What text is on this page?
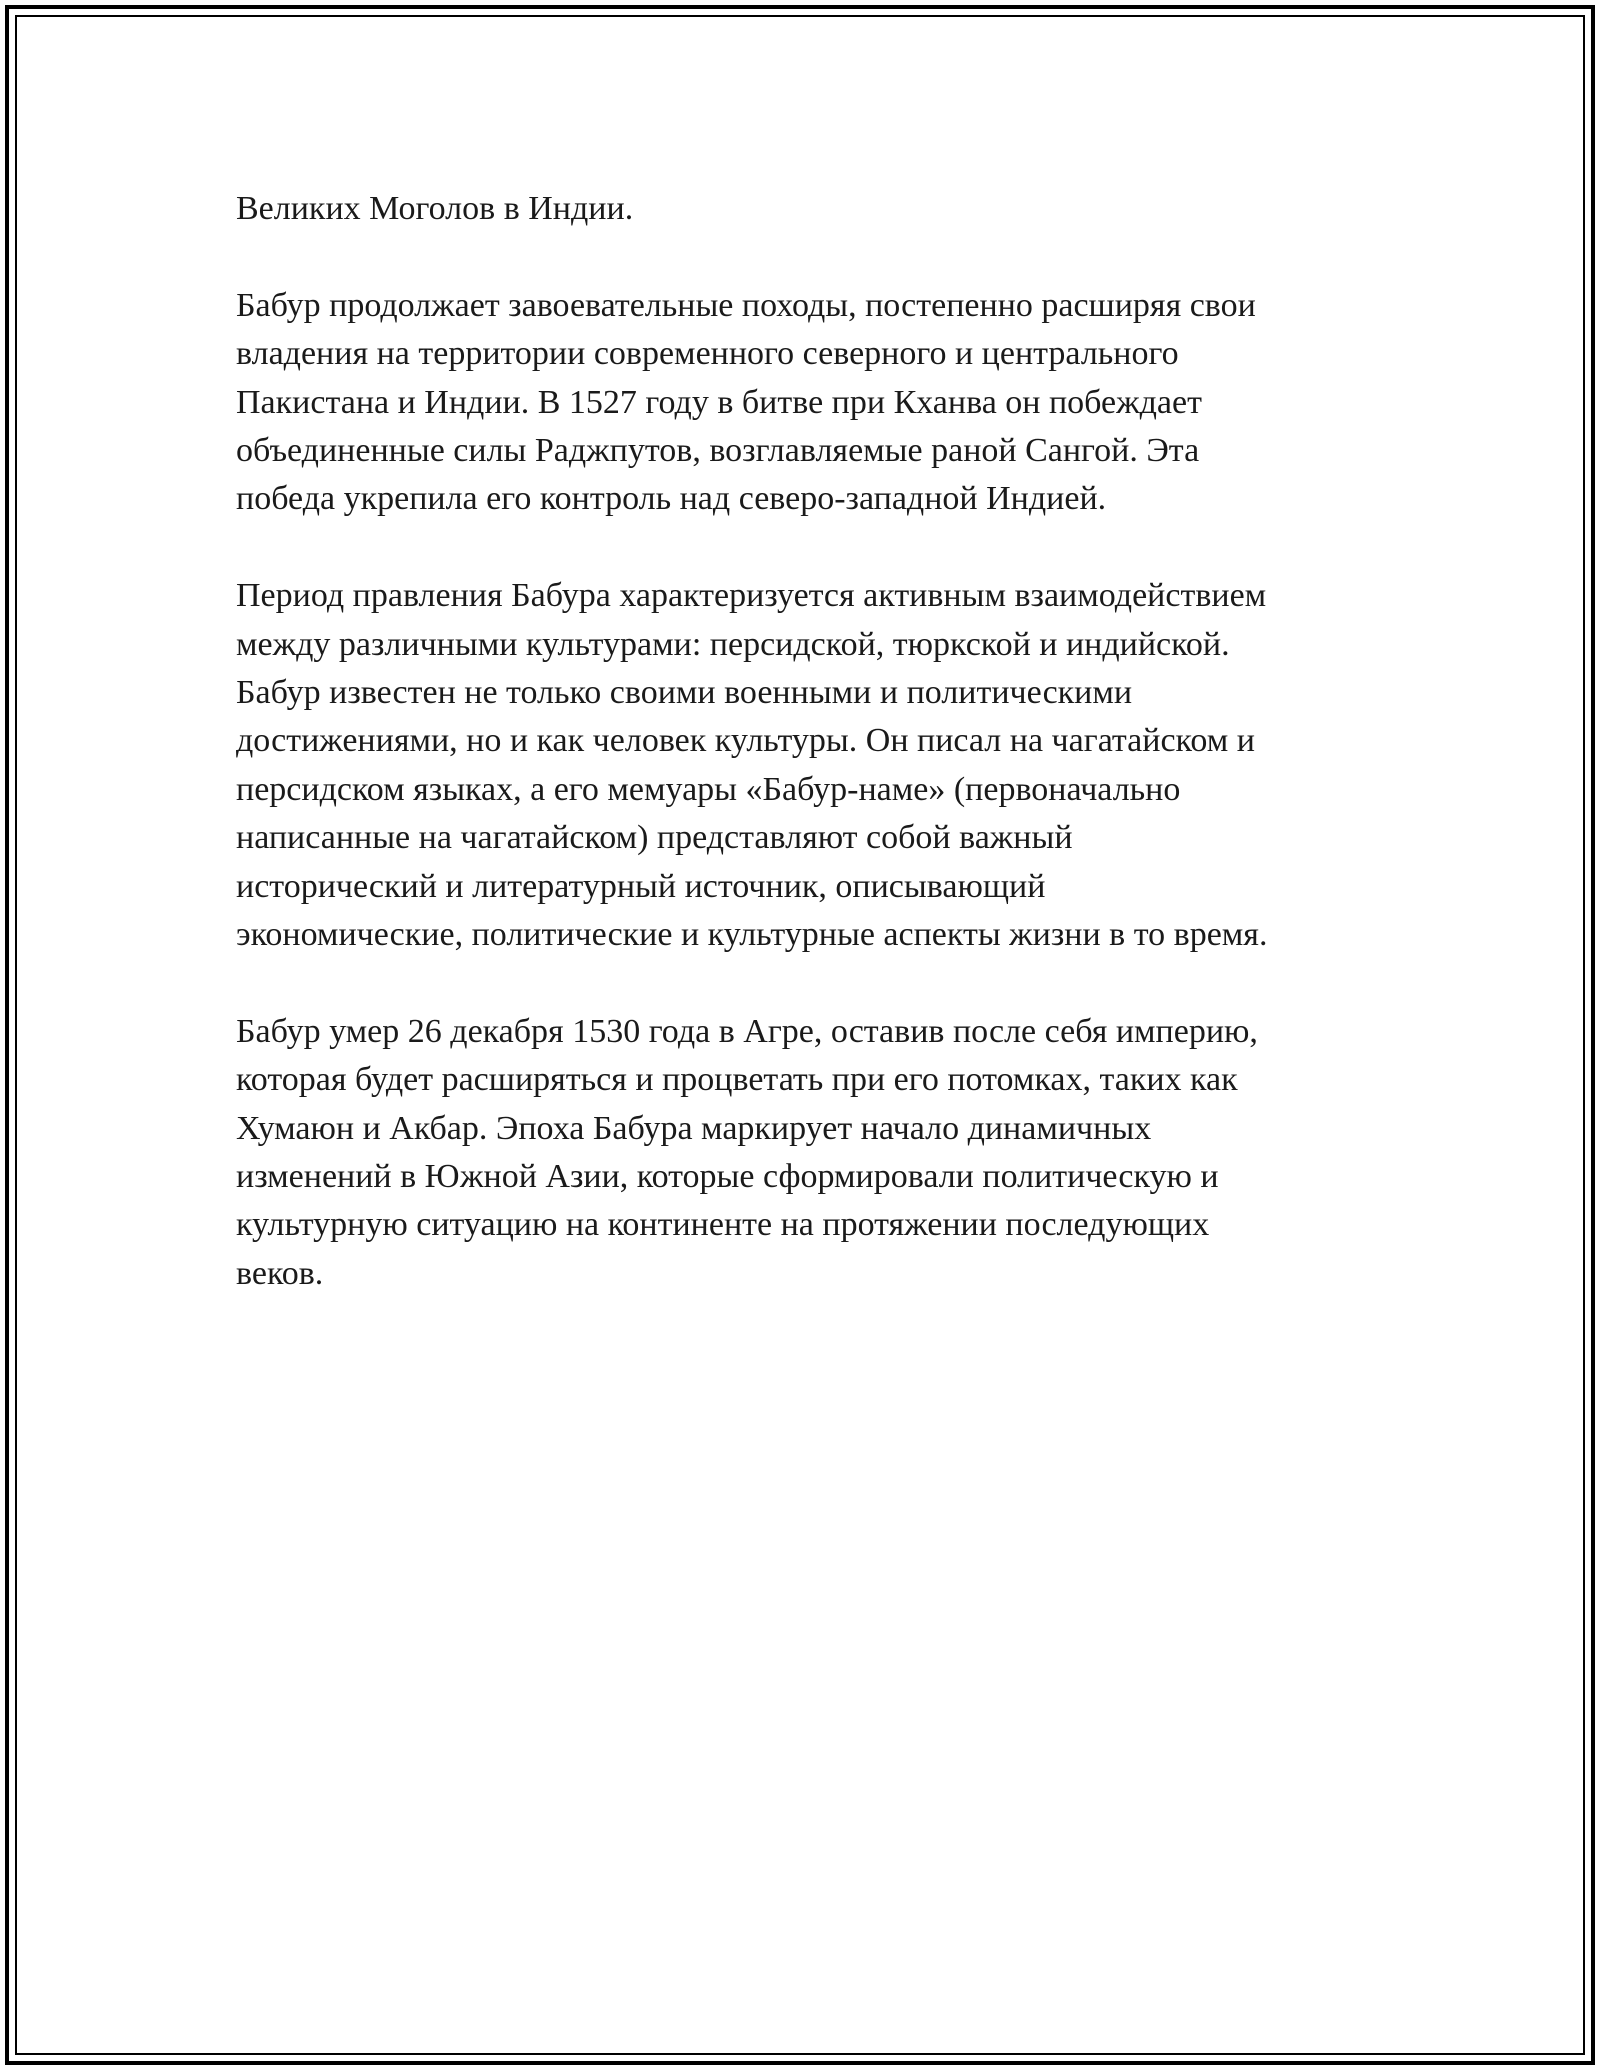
Великих Моголов в Индии.

Бабур продолжает завоевательные походы, постепенно расширяя свои
владения на территории современного северного и центрального
Пакистана и Индии. В 1527 году в битве при Кханва он побеждает
объединенные силы Раджпутов, возглавляемые раной Сангой. Эта
победа укрепила его контроль над северо-западной Индией.

Период правления Бабура характеризуется активным взаимодействием
между различными культурами: персидской, тюркской и индийской.
Бабур известен не только своими военными и политическими
достижениями, но и как человек культуры. Он писал на чагатайском и
персидском языках, а его мемуары «Бабур-наме» (первоначально
написанные на чагатайском) представляют собой важный
исторический и литературный источник, описывающий
экономические, политические и культурные аспекты жизни в то время.

Бабур умер 26 декабря 1530 года в Агре, оставив после себя империю,
которая будет расширяться и процветать при его потомках, таких как
Хумаюн и Акбар. Эпоха Бабура маркирует начало динамичных
изменений в Южной Азии, которые сформировали политическую и
культурную ситуацию на континенте на протяжении последующих
веков.
